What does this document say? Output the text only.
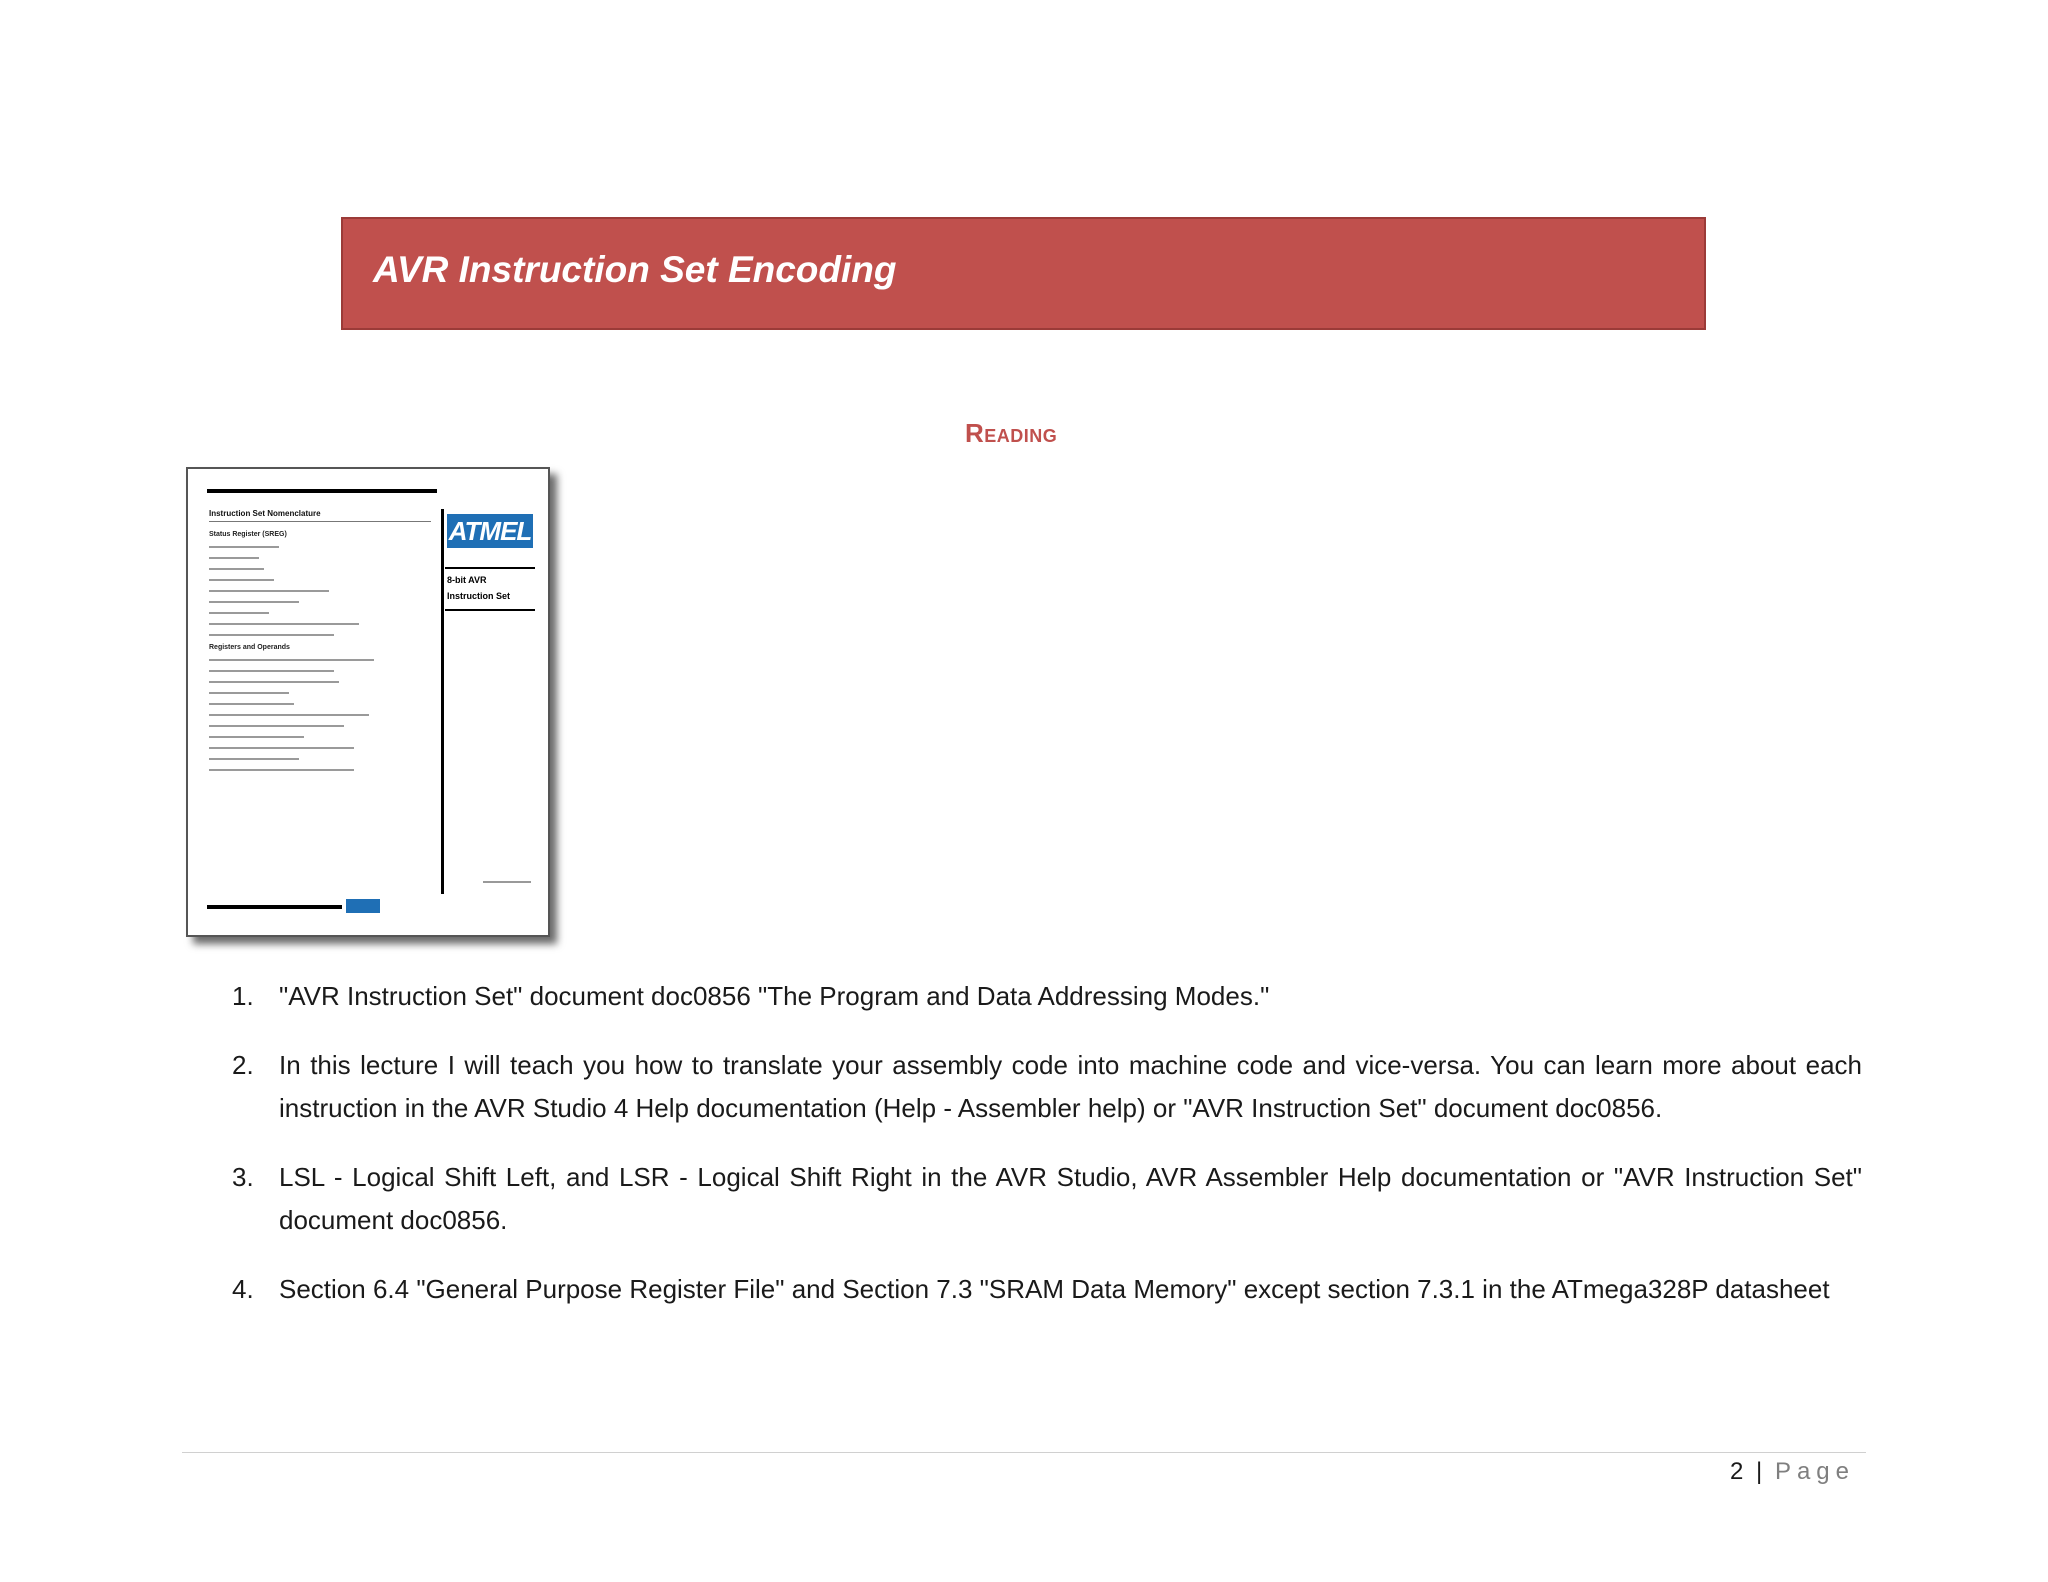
AVR Instruction Set Encoding
Reading
Instruction Set Nomenclature
Status Register (SREG)
Registers and Operands
ATMEL
8-bit AVR
Instruction Set
1. "AVR Instruction Set" document doc0856 "The Program and Data Addressing Modes."
2. In this lecture I will teach you how to translate your assembly code into machine code and vice-versa. You can learn more about each instruction in the AVR Studio 4 Help documentation (Help - Assembler help) or "AVR Instruction Set" document doc0856.
3. LSL - Logical Shift Left, and LSR - Logical Shift Right in the AVR Studio, AVR Assembler Help documentation or "AVR Instruction Set" document doc0856.
4. Section 6.4 "General Purpose Register File" and Section 7.3 "SRAM Data Memory" except section 7.3.1 in the ATmega328P datasheet
2 | Page
